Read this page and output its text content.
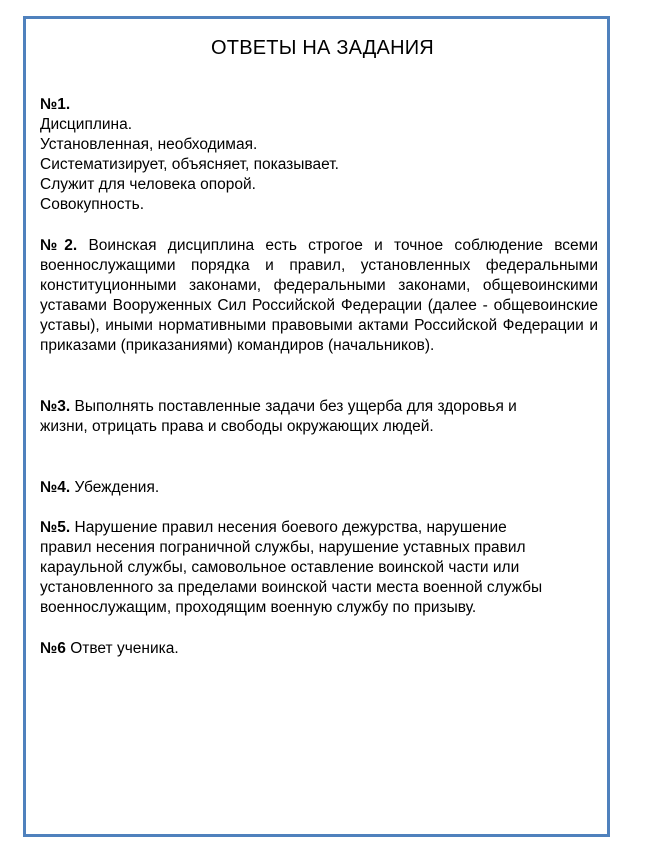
ОТВЕТЫ НА ЗАДАНИЯ
№1.
Дисциплина.
Установленная, необходимая.
Систематизирует, объясняет, показывает.
Служит для человека опорой.
Совокупность.

№2. Воинская дисциплина есть строгое и точное соблюдение всеми военнослужащими порядка и правил, установленных федеральными конституционными законами, федеральными законами, общевоинскими уставами Вооруженных Сил Российской Федерации (далее - общевоинские уставы), иными нормативными правовыми актами Российской Федерации и приказами (приказаниями) командиров (начальников).

№3. Выполнять поставленные задачи без ущерба для здоровья и
жизни, отрицать права и свободы окружающих людей.
№4. Убеждения.
№5. Нарушение правил несения боевого дежурства, нарушение
правил несения пограничной службы, нарушение уставных правил
караульной службы, самовольное оставление воинской части или
установленного за пределами воинской части места военной службы
военнослужащим, проходящим военную службу по призыву.
№6 Ответ ученика.
